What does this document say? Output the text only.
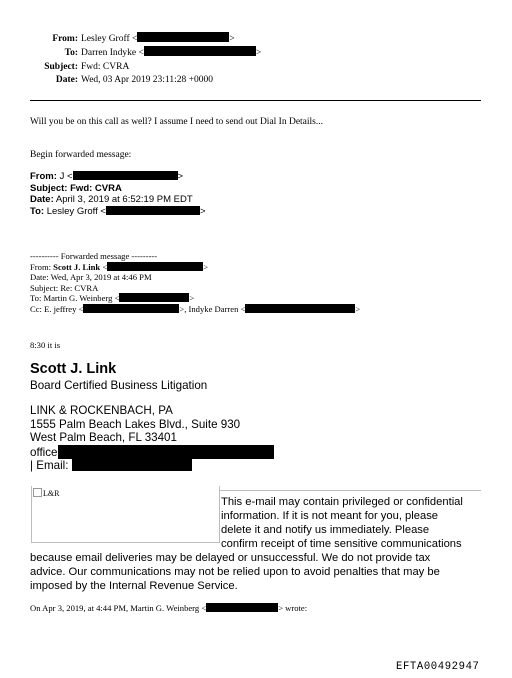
From: Lesley Groff <	>
To: Darren Indyke <	>
Subject: Fwd: CVRA
Date: Wed, 03 Apr 2019 23:11:28 +0000
Will you be on this call as well? I assume I need to send out Dial In Details...
Begin forwarded message:
From: J <	>
Subject: Fwd: CVRA
Date: April 3, 2019 at 6:52:19 PM EDT
To: Lesley Groff <	>
---------- Forwarded message ---------
From: Scott J. Link <	>
Date: Wed, Apr 3, 2019 at 4:46 PM
Subject: Re: CVRA
To: Martin G. Weinberg <	>
Cc: E. jeffrey <	>, Indyke Darren <	>
8:30 it is
Scott J. Link
Board Certified Business Litigation
LINK & ROCKENBACH, PA
1555 Palm Beach Lakes Blvd., Suite 930
West Palm Beach, FL 33401
office
| Email:
L&R
This e-mail may contain privileged or confidential
information. If it is not meant for you, please
delete it and notify us immediately. Please
confirm receipt of time sensitive communications
because email deliveries may be delayed or unsuccessful. We do not provide tax
advice. Our communications may not be relied upon to avoid penalties that may be
imposed by the Internal Revenue Service.
On Apr 3, 2019, at 4:44 PM, Martin G. Weinberg <	> wrote:
EFTA00492947
